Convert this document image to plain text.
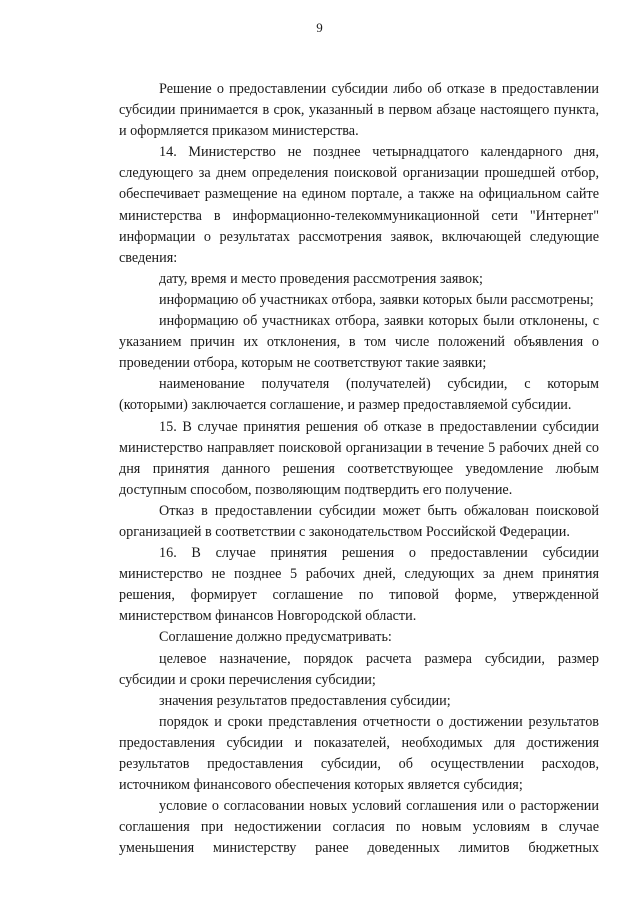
9

Решение о предоставлении субсидии либо об отказе в предоставлении субсидии принимается в срок, указанный в первом абзаце настоящего пункта, и оформляется приказом министерства.

14. Министерство не позднее четырнадцатого календарного дня, следующего за днем определения поисковой организации прошедшей отбор, обеспечивает размещение на едином портале, а также на официальном сайте министерства в информационно-телекоммуникационной сети "Интернет" информации о результатах рассмотрения заявок, включающей следующие сведения:

дату, время и место проведения рассмотрения заявок;

информацию об участниках отбора, заявки которых были рассмотрены;

информацию об участниках отбора, заявки которых были отклонены, с указанием причин их отклонения, в том числе положений объявления о проведении отбора, которым не соответствуют такие заявки;

наименование получателя (получателей) субсидии, с которым (которыми) заключается соглашение, и размер предоставляемой субсидии.

15. В случае принятия решения об отказе в предоставлении субсидии министерство направляет поисковой организации в течение 5 рабочих дней со дня принятия данного решения соответствующее уведомление любым доступным способом, позволяющим подтвердить его получение.

Отказ в предоставлении субсидии может быть обжалован поисковой организацией в соответствии с законодательством Российской Федерации.

16. В случае принятия решения о предоставлении субсидии министерство не позднее 5 рабочих дней, следующих за днем принятия решения, формирует соглашение по типовой форме, утвержденной министерством финансов Новгородской области.

Соглашение должно предусматривать:

целевое назначение, порядок расчета размера субсидии, размер субсидии и сроки перечисления субсидии;

значения результатов предоставления субсидии;

порядок и сроки представления отчетности о достижении результатов предоставления субсидии и показателей, необходимых для достижения результатов предоставления субсидии, об осуществлении расходов, источником финансового обеспечения которых является субсидия;

условие о согласовании новых условий соглашения или о расторжении соглашения при недостижении согласия по новым условиям в случае уменьшения министерству ранее доведенных лимитов бюджетных
